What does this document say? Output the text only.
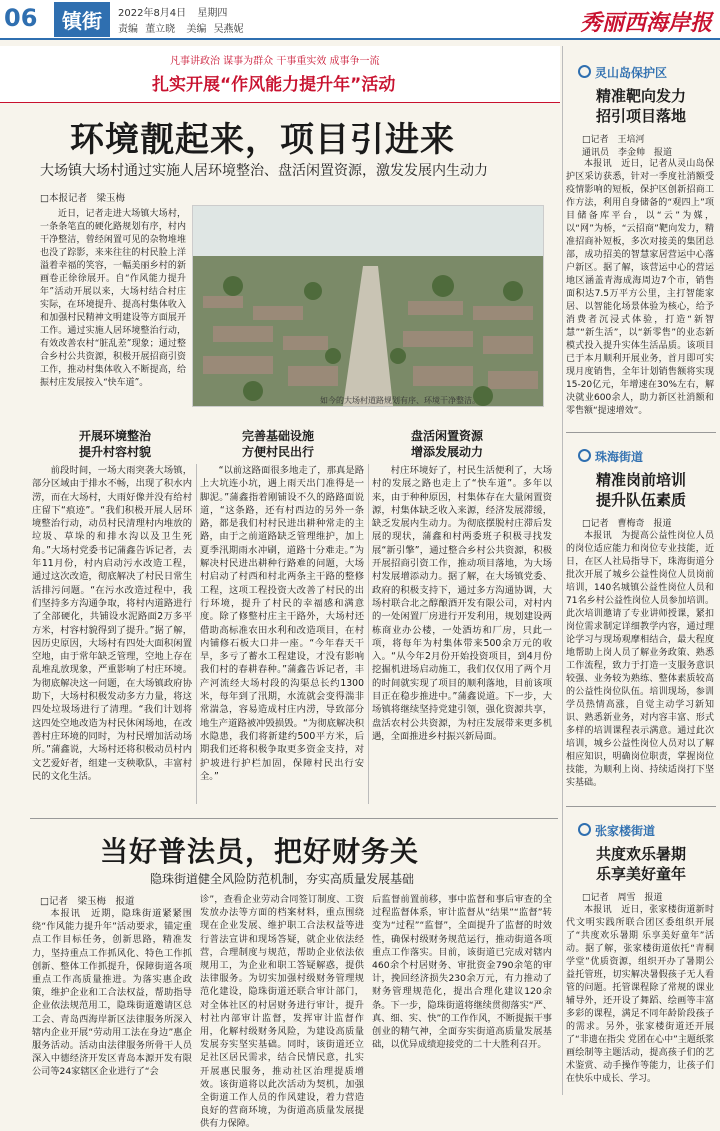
06	镇街	2022年8月4日 星期四
责编 董立晓 美编 吴燕妮	秀丽西海岸报
凡事讲政治 谋事为群众 干事重实效 成事争一流
扎实开展“作风能力提升年”活动
环境靓起来，项目引进来
大场镇大场村通过实施人居环境整治、盘活闲置资源，激发发展内生动力
□本报记者　梁玉梅

近日，记者走进大场镇大场村，一条条笔直的硬化路规划有序，村内干净整洁，曾经闲置可见的杂物堆堆也没了踪影，来来往往的村民脸上洋溢着幸福的笑容，一幅美丽乡村的新画卷正徐徐展开。自“作风能力提升年”活动开展以来，大场村结合村庄实际，在环境提升、提高村集体收入和加强村民精神文明建设等方面展开工作。通过实施人居环境整治行动，有效改善农村“脏乱差”现象；通过整合乡村公共资源，积极开展招商引资工作，推动村集体收入不断提高，给振村庄发展按入“快车道”。

如今的大场村道路规划有序、环境干净整洁。
开展环境整治
提升村容村貌
完善基础设施
方便村民出行
盘活闲置资源
增添发展动力

前段时间，一场大雨突袭大场镇，部分区域由于排水不畅，出现了积水内涝，而在大场村，大雨好像并没有给村庄留下“痕迹”。“我们积极开展人居环境整治行动，动员村民清理村内堆放的垃圾、草垛的和排水沟以及卫生死角。”大场村党委书记蒲鑫告诉记者，去年11月份，村内启动污水改造工程，通过这次改造，彻底解决了村民日常生活排污问题。“在污水改造过程中，我们坚持多方沟通争取，将村内道路进行了全部硬化，共铺设水泥路面2万多平方米，村容村貌得到了提升。”据了解，因历史原因，大场村有四处大面积闲置空地，由于常年缺乏管理，空地上存在乱堆乱放现象，严重影响了村庄环境。为彻底解决这一问题，在大场镇政府协助下，大场村积极发动多方力量，将这四处垃圾场进行了清理。“我们计划将这四处空地改造为村民休闲场地，在改善村庄环境的同时，为村民增加活动场所。”蒲鑫说，大场村还将积极动员村内文艺爱好者，组建一支秧歌队，丰富村民的文化生活。

“以前这路面很多地走了，那真是路上大坑连小坑，遇上雨天出门准得是一脚泥。”蒲鑫指着刚铺设不久的路路面说道，“这条路，还有村西边的另外一条路，都是我们村村民进出耕种常走的主路，由于之前道路缺乏管理维护，加上夏季汛期雨水冲刷，道路十分难走。”为解决村民进出耕种行路难的问题，大场村启动了村西和村北两条主干路的整修工程，这项工程投资大改善了村民的出行环境，提升了村民的幸福感和满意度。除了修整村庄主干路外，大场村还借助高标准农田水利和改造项目，在村内铺修石板大口井一座。“今年春天干旱，多亏了蓄水工程建设，才没有影响我们村的春耕春种。”蒲鑫告诉记者，丰产河流经大场村段的沟渠总长约1300米，每年到了汛期，水流就会变得湍非常湍急，容易造成村庄内涝，导致部分地生产道路被冲毁损毁。“为彻底解决积水隐患，我们将新建约500平方米，后期我们还将积极争取更多资金支持，对护坡进行护栏加固，保障村民出行安全。”

村庄环境好了，村民生活便利了，大场村的发展之路也走上了“快车道”。多年以来，由于种种原因，村集体存在大量闲置资源，村集体缺乏收入来源，经济发展滞缓，缺乏发展内生动力。为彻底摆脱村庄滞后发展的现状，蒲鑫和村两委班子积极寻找发展“新引擎”，通过整合乡村公共资源，积极开展招商引资工作，推动项目落地，为大场村发展增添动力。据了解，在大场镇党委、政府的积极支持下，通过多方沟通协调，大场村联合北之醇酿酒开发有限公司，对村内的一处闲置厂房进行开发利用，规划建设两栋商业办公楼，一处酒坊和厂房，只此一项，将每年为村集体带来500余万元的收入。“从今年2月份开始投资项目，到4月份挖掘机进场启动施工，我们仅仅用了两个月的时间就实现了项目的顺利落地，目前该项目正在稳步推进中。”蒲鑫说道。下一步，大场镇将继续坚持党建引领，强化资源共享，盘活农村公共资源，为村庄发展带来更多机遇，全面推进乡村振兴新局面。

当好普法员，把好财务关
隐珠街道健全风险防范机制，夯实高质量发展基础
□记者　梁玉梅　报道

本报讯　近期，隐珠街道紧紧围绕“作风能力提升年”活动要求，锚定重点工作目标任务，创新思路，精准发力，坚持重点工作抓风化、特色工作抓创新、整体工作抓提升，保障街道各项重点工作高质量推进。为落实惠企政策，维护企业和工合法权益，帮助指导企业依法规范用工，隐珠街道邀请区总工会、青岛西海岸新区法律服务所深入辖内企业开展“劳动用工法在身边”惠企服务活动。活动由法律服务所骨干人员深入中德经济开发区青岛本源开发有限公司等24家辖区企业进行了“会

诊”，查看企业劳动合同签订制度、工资发放办法等方面的档案材料，重点围绕现在企业发展、维护职工合法权益等进行普法宣讲和现场答疑，就企业依法经营，合理制度与规范，帮助企业依法依规用工，为企业和职工答疑解惑，提供法律服务。为切实加强村级财务管理规范化建设，隐珠街道还联合审计部门，对全体社区的村居财务进行审计，提升村社内部审计监督，发挥审计监督作用，化解村级财务风险，为建设高质量发展夯实坚实基础。同时，该街道还立足社区居民需求，结合民情民意，扎实开展惠民服务，推动社区治理提质增效。该街道将以此次活动为契机，加强全街道工作人员的作风建设，着力营造良好的营商环境，为街道高质量发展提供有力保障。

后监督前置前移，事中监督和事后审查的全过程监督体系，审计监督从“结果”“监督”转变为“过程”“监督”，全面提升了监督的时效性，确保村级财务规范运行，推动街道各项重点工作落实。目前，该街道已完成对辖内460余个村居财务、审批资金790余笔的审计，挽回经济损失230余万元，有力推动了财务管理规范化，提出合理化建议120余条。下一步，隐珠街道将继续贯彻落实“严、真、细、实、快”的工作作风，不断提振干事创业的精气神，全面夯实街道高质量发展基础，以优异成绩迎接党的二十大胜利召开。

灵山岛保护区
精准靶向发力
招引项目落地
□记者　王培河
通讯员　李金帅　报道

本报讯　近日，记者从灵山岛保护区采访获悉，针对一季度社消额受疫情影响的短板，保护区创新招商工作方法，利用自身储备的“观四上”项目储备库平台，以“云”为媒，以“网”为桥，“云招商”靶向发力，精准招商补短板，多次对接美的集团总部，成功招美的智慧家居营运中心落户新区。据了解，该营运中心的营运地区涵盖青海成海周边7个市，销售面积达7.5万平方公里，主打智能家居、以智能化场景体验为核心，给予消费者沉浸式体验，打造“新智慧”“新生活”，以“新零售”的业态新模式投入提升实体生活品质。该项目已于本月顺利开展业务，首月即可实现月度销售，全年计划销售额将实现15-20亿元，年增速在30%左右，解决就业600余人，助力新区社消额和零售额“提速增效”。

珠海街道
精准岗前培训
提升队伍素质
□记者　曹梅奇　报道

本报讯　为提高公益性岗位人员的岗位适应能力和岗位专业技能，近日，在区人社局指导下，珠海街道分批次开展了城乡公益性岗位人员岗前培训，140名城镇公益性岗位人员和71名乡村公益性岗位人员参加培训。此次培训邀请了专业讲师授课，紧扣岗位需求制定详细教学内容，通过理论学习与现场观摩相结合，最大程度地帮助上岗人员了解业务政策、熟悉工作流程，致力于打造一支服务意识较强、业务较为熟练、整体素质较高的公益性岗位队伍。培训现场，参训学员热情高涨，自觉主动学习新知识、熟悉新业务，对内容丰富、形式多样的培训课程表示满意。通过此次培训，城乡公益性岗位人员对以了解相应知识，明确岗位职责，掌握岗位技能，为顺利上岗、持续适岗打下坚实基础。

张家楼街道
共度欢乐暑期
乐享美好童年
□记者　周雪　报道

本报讯　近日，张家楼街道新时代文明实践所联合团区委组织开展了“共度欢乐暑期 乐享美好童年”活动。据了解，张家楼街道依托“青桐学堂”优质资源，组织开办了暑期公益托管班，切实解决暑假孩子无人看管的问题。托管课程除了常规的课业辅导外，还开设了舞蹈、绘画等丰富多彩的课程，满足不同年龄阶段孩子的需求。另外，张家楼街道还开展了“非遗在指尖 党团在心中”主题纸浆画绘制等主题活动，提高孩子们的艺术鉴赏、动手操作等能力，让孩子们在快乐中成长、学习。
